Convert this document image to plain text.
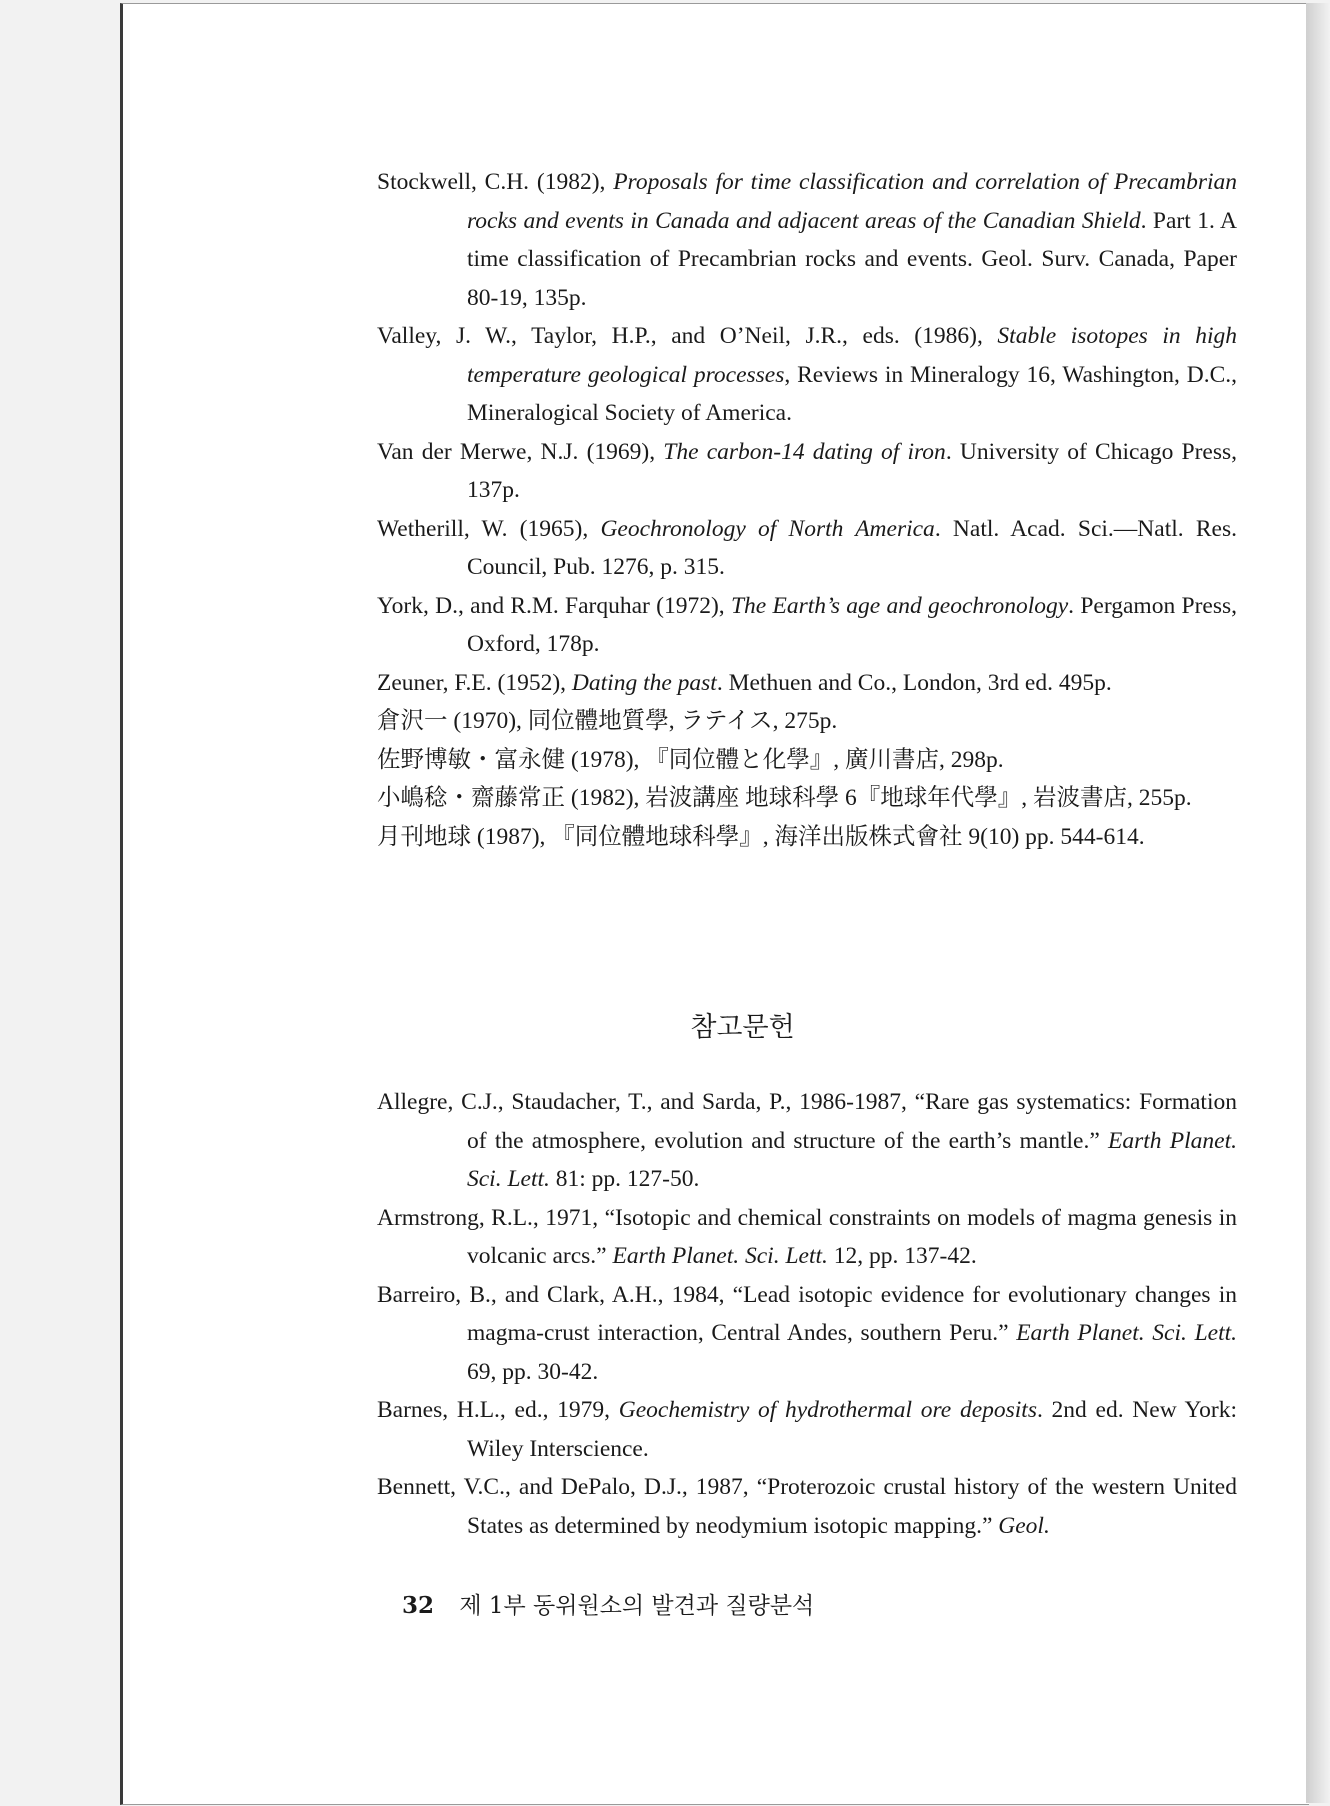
Stockwell, C.H. (1982), Proposals for time classification and correlation of Precambrian rocks and events in Canada and adjacent areas of the Canadian Shield. Part 1. A time classification of Precambrian rocks and events. Geol. Surv. Canada, Paper 80-19, 135p.
Valley, J. W., Taylor, H.P., and O’Neil, J.R., eds. (1986), Stable isotopes in high temperature geological processes, Reviews in Mineralogy 16, Washington, D.C., Mineralogical Society of America.
Van der Merwe, N.J. (1969), The carbon-14 dating of iron. University of Chicago Press, 137p.
Wetherill, W. (1965), Geochronology of North America. Natl. Acad. Sci.—Natl. Res. Council, Pub. 1276, p. 315.
York, D., and R.M. Farquhar (1972), The Earth’s age and geochronology. Pergamon Press, Oxford, 178p.
Zeuner, F.E. (1952), Dating the past. Methuen and Co., London, 3rd ed. 495p.
倉沢一 (1970), 同位體地質學, ラテイス, 275p.
佐野博敏・富永健 (1978), 『同位體と化學』, 廣川書店, 298p.
小嶋稔・齋藤常正 (1982), 岩波講座 地球科學 6『地球年代學』, 岩波書店, 255p.
月刊地球 (1987), 『同位體地球科學』, 海洋出版株式會社 9(10) pp. 544-614.
참고문헌
Allegre, C.J., Staudacher, T., and Sarda, P., 1986-1987, “Rare gas systematics: Formation of the atmosphere, evolution and structure of the earth’s mantle.” Earth Planet. Sci. Lett. 81: pp. 127-50.
Armstrong, R.L., 1971, “Isotopic and chemical constraints on models of magma genesis in volcanic arcs.” Earth Planet. Sci. Lett. 12, pp. 137-42.
Barreiro, B., and Clark, A.H., 1984, “Lead isotopic evidence for evolutionary changes in magma-crust interaction, Central Andes, southern Peru.” Earth Planet. Sci. Lett. 69, pp. 30-42.
Barnes, H.L., ed., 1979, Geochemistry of hydrothermal ore deposits. 2nd ed. New York: Wiley Interscience.
Bennett, V.C., and DePalo, D.J., 1987, “Proterozoic crustal history of the western United States as determined by neodymium isotopic mapping.” Geol.
32 제 1부 동위원소의 발견과 질량분석
